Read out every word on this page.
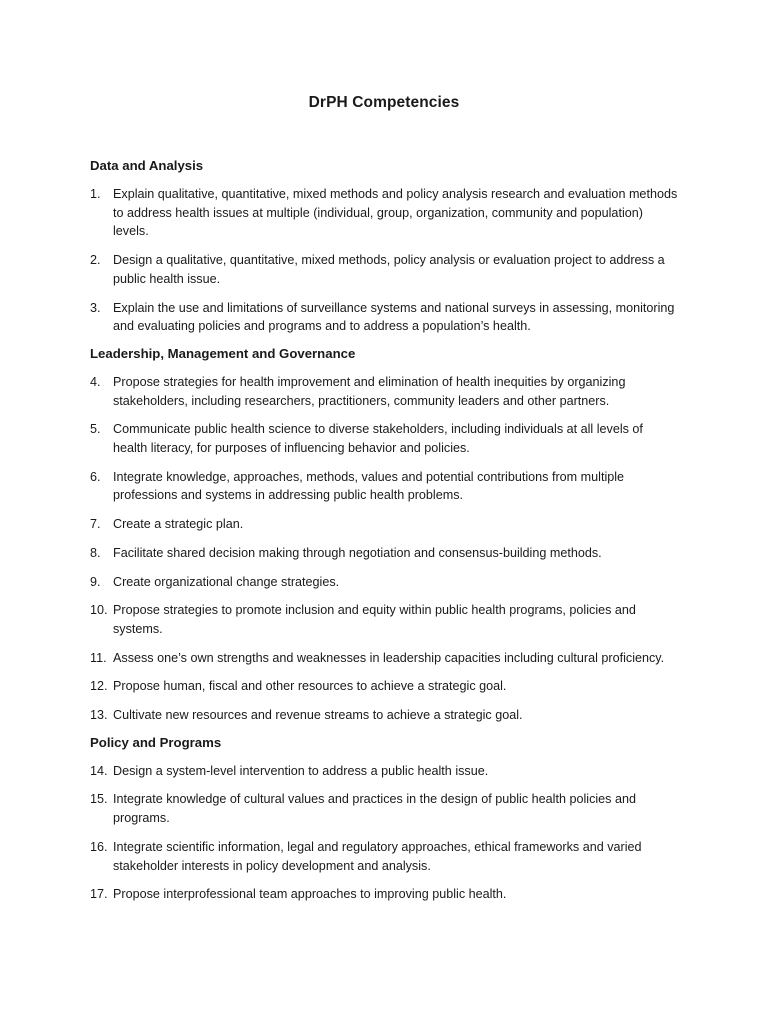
DrPH Competencies
Data and Analysis
1. Explain qualitative, quantitative, mixed methods and policy analysis research and evaluation methods to address health issues at multiple (individual, group, organization, community and population) levels.
2. Design a qualitative, quantitative, mixed methods, policy analysis or evaluation project to address a public health issue.
3. Explain the use and limitations of surveillance systems and national surveys in assessing, monitoring and evaluating policies and programs and to address a population’s health.
Leadership, Management and Governance
4. Propose strategies for health improvement and elimination of health inequities by organizing stakeholders, including researchers, practitioners, community leaders and other partners.
5. Communicate public health science to diverse stakeholders, including individuals at all levels of health literacy, for purposes of influencing behavior and policies.
6. Integrate knowledge, approaches, methods, values and potential contributions from multiple professions and systems in addressing public health problems.
7. Create a strategic plan.
8. Facilitate shared decision making through negotiation and consensus-building methods.
9. Create organizational change strategies.
10. Propose strategies to promote inclusion and equity within public health programs, policies and systems.
11. Assess one’s own strengths and weaknesses in leadership capacities including cultural proficiency.
12. Propose human, fiscal and other resources to achieve a strategic goal.
13. Cultivate new resources and revenue streams to achieve a strategic goal.
Policy and Programs
14. Design a system-level intervention to address a public health issue.
15. Integrate knowledge of cultural values and practices in the design of public health policies and programs.
16. Integrate scientific information, legal and regulatory approaches, ethical frameworks and varied stakeholder interests in policy development and analysis.
17. Propose interprofessional team approaches to improving public health.
